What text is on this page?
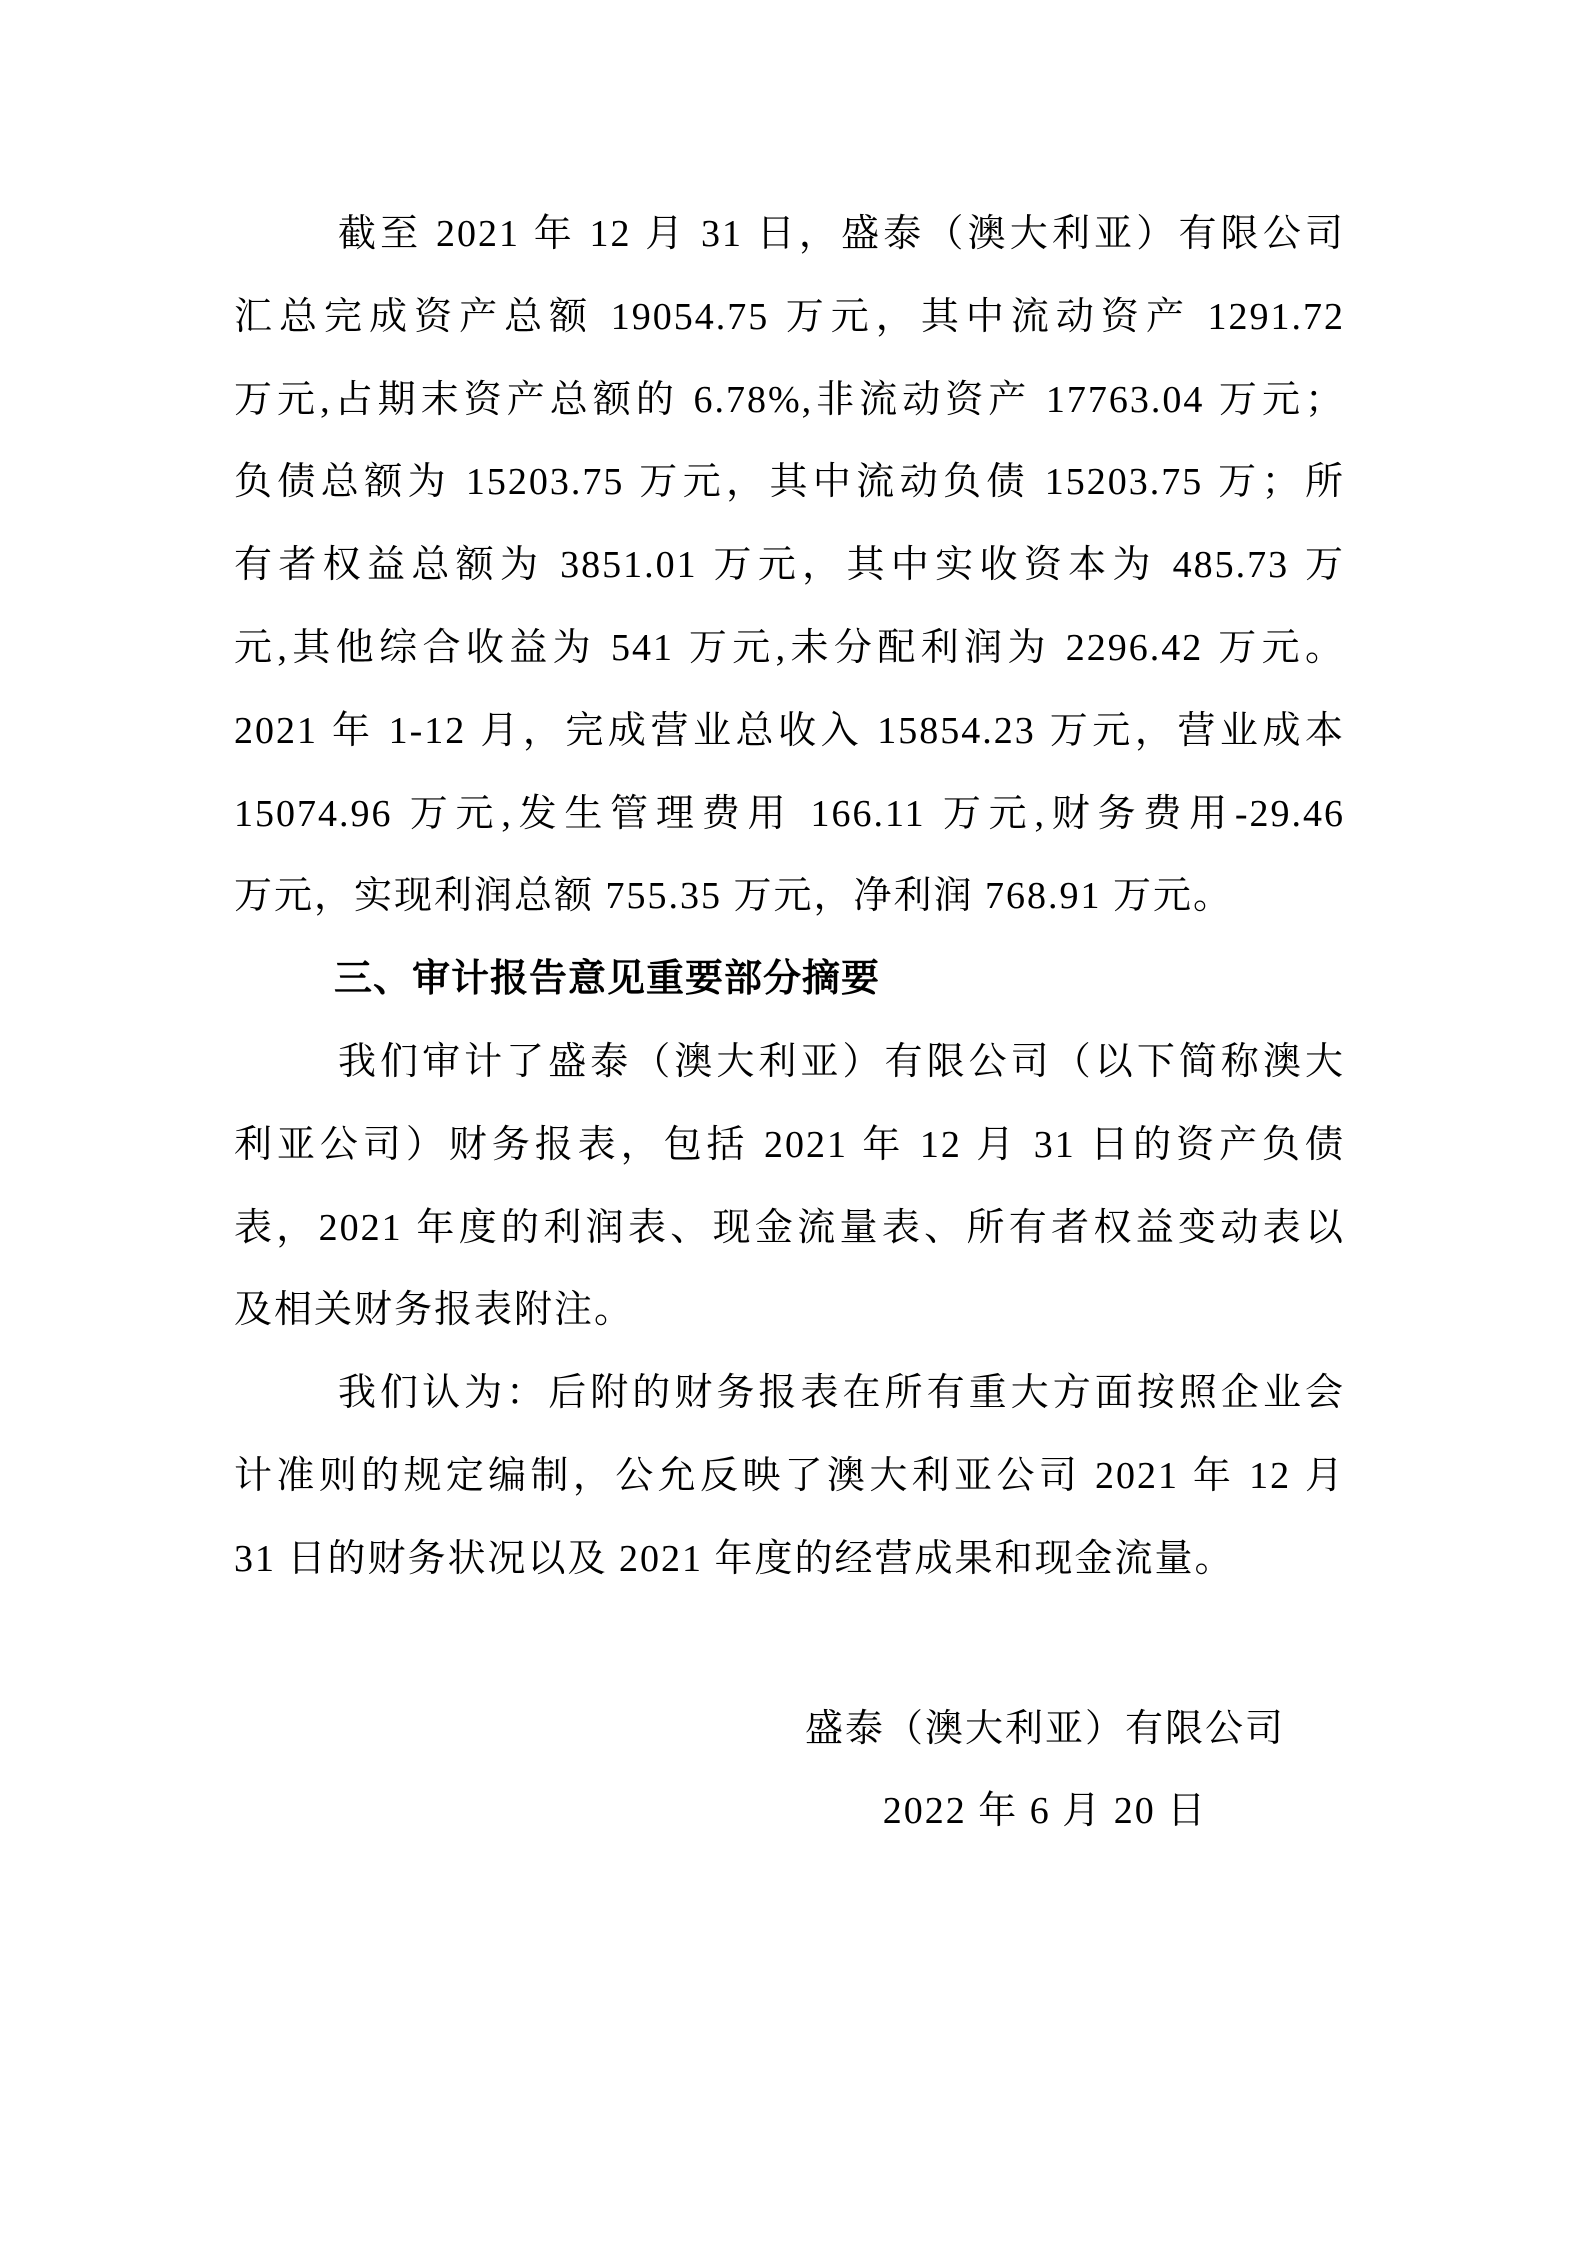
截至 2021 年 12 月 31 日，盛泰（澳大利亚）有限公司
汇总完成资产总额 19054.75 万元，其中流动资产 1291.72
万元,占期末资产总额的 6.78%,非流动资产 17763.04 万元；
负债总额为 15203.75 万元，其中流动负债 15203.75 万；所
有者权益总额为 3851.01 万元，其中实收资本为 485.73 万
元,其他综合收益为 541 万元,未分配利润为 2296.42 万元。
2021 年 1-12 月，完成营业总收入 15854.23 万元，营业成本
15074.96 万元,发生管理费用 166.11 万元,财务费用-29.46
万元，实现利润总额 755.35 万元，净利润 768.91 万元。
三、审计报告意见重要部分摘要
我们审计了盛泰（澳大利亚）有限公司（以下简称澳大
利亚公司）财务报表，包括 2021 年 12 月 31 日的资产负债
表，2021 年度的利润表、现金流量表、所有者权益变动表以
及相关财务报表附注。
我们认为：后附的财务报表在所有重大方面按照企业会
计准则的规定编制，公允反映了澳大利亚公司 2021 年 12 月
31 日的财务状况以及 2021 年度的经营成果和现金流量。
盛泰（澳大利亚）有限公司
2022 年 6 月 20 日
